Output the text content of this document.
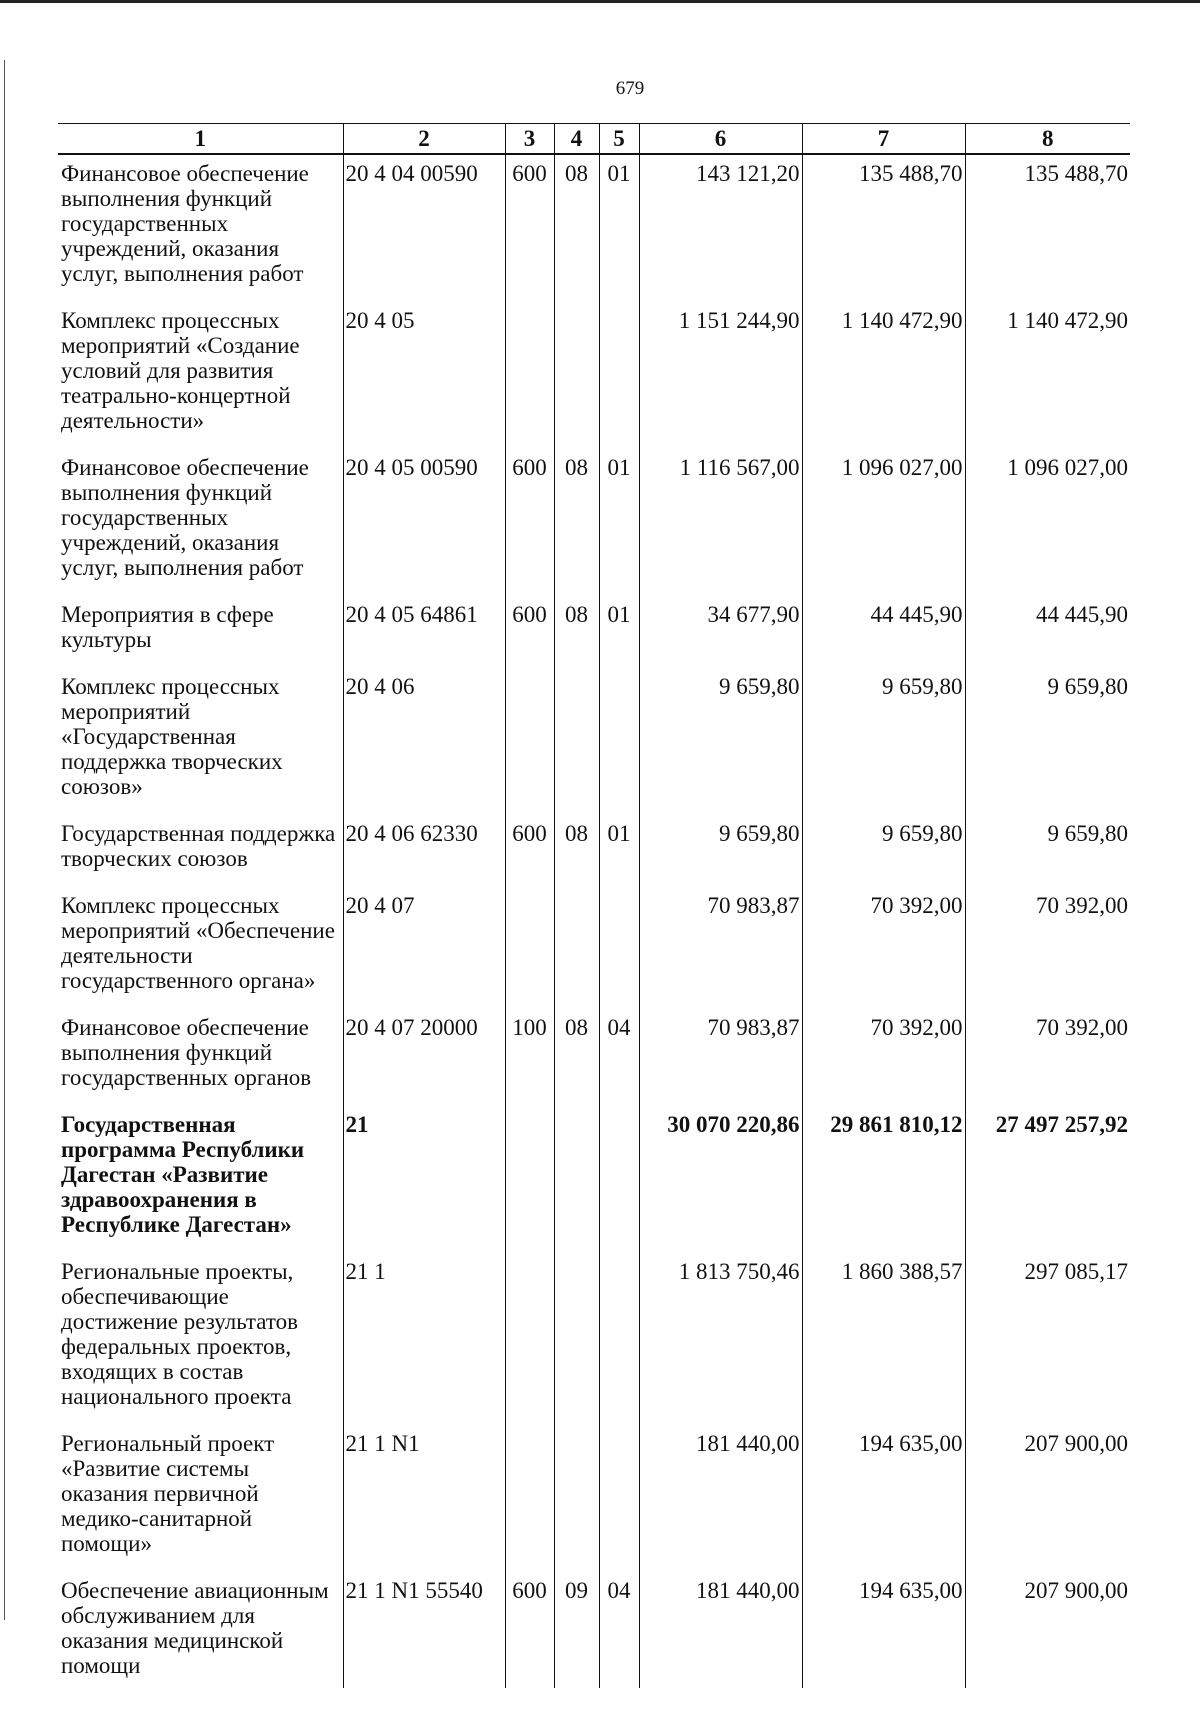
679
1	2	3	4	5	6	7	8
Финансовое обеспечение выполнения функций государственных учреждений, оказания услуг, выполнения работ	20 4 04 00590	600	08	01	143 121,20	135 488,70	135 488,70
Комплекс процессных мероприятий «Создание условий для развития театрально-концертной деятельности»	20 4 05				1 151 244,90	1 140 472,90	1 140 472,90
Финансовое обеспечение выполнения функций государственных учреждений, оказания услуг, выполнения работ	20 4 05 00590	600	08	01	1 116 567,00	1 096 027,00	1 096 027,00
Мероприятия в сфере культуры	20 4 05 64861	600	08	01	34 677,90	44 445,90	44 445,90
Комплекс процессных мероприятий «Государственная поддержка творческих союзов»	20 4 06				9 659,80	9 659,80	9 659,80
Государственная поддержка творческих союзов	20 4 06 62330	600	08	01	9 659,80	9 659,80	9 659,80
Комплекс процессных мероприятий «Обеспечение деятельности государственного органа»	20 4 07				70 983,87	70 392,00	70 392,00
Финансовое обеспечение выполнения функций государственных органов	20 4 07 20000	100	08	04	70 983,87	70 392,00	70 392,00
Государственная программа Республики Дагестан «Развитие здравоохранения в Республике Дагестан»	21				30 070 220,86	29 861 810,12	27 497 257,92
Региональные проекты, обеспечивающие достижение результатов федеральных проектов, входящих в состав национального проекта	21 1				1 813 750,46	1 860 388,57	297 085,17
Региональный проект «Развитие системы оказания первичной медико-санитарной помощи»	21 1 N1				181 440,00	194 635,00	207 900,00
Обеспечение авиационным обслуживанием для оказания медицинской помощи	21 1 N1 55540	600	09	04	181 440,00	194 635,00	207 900,00
